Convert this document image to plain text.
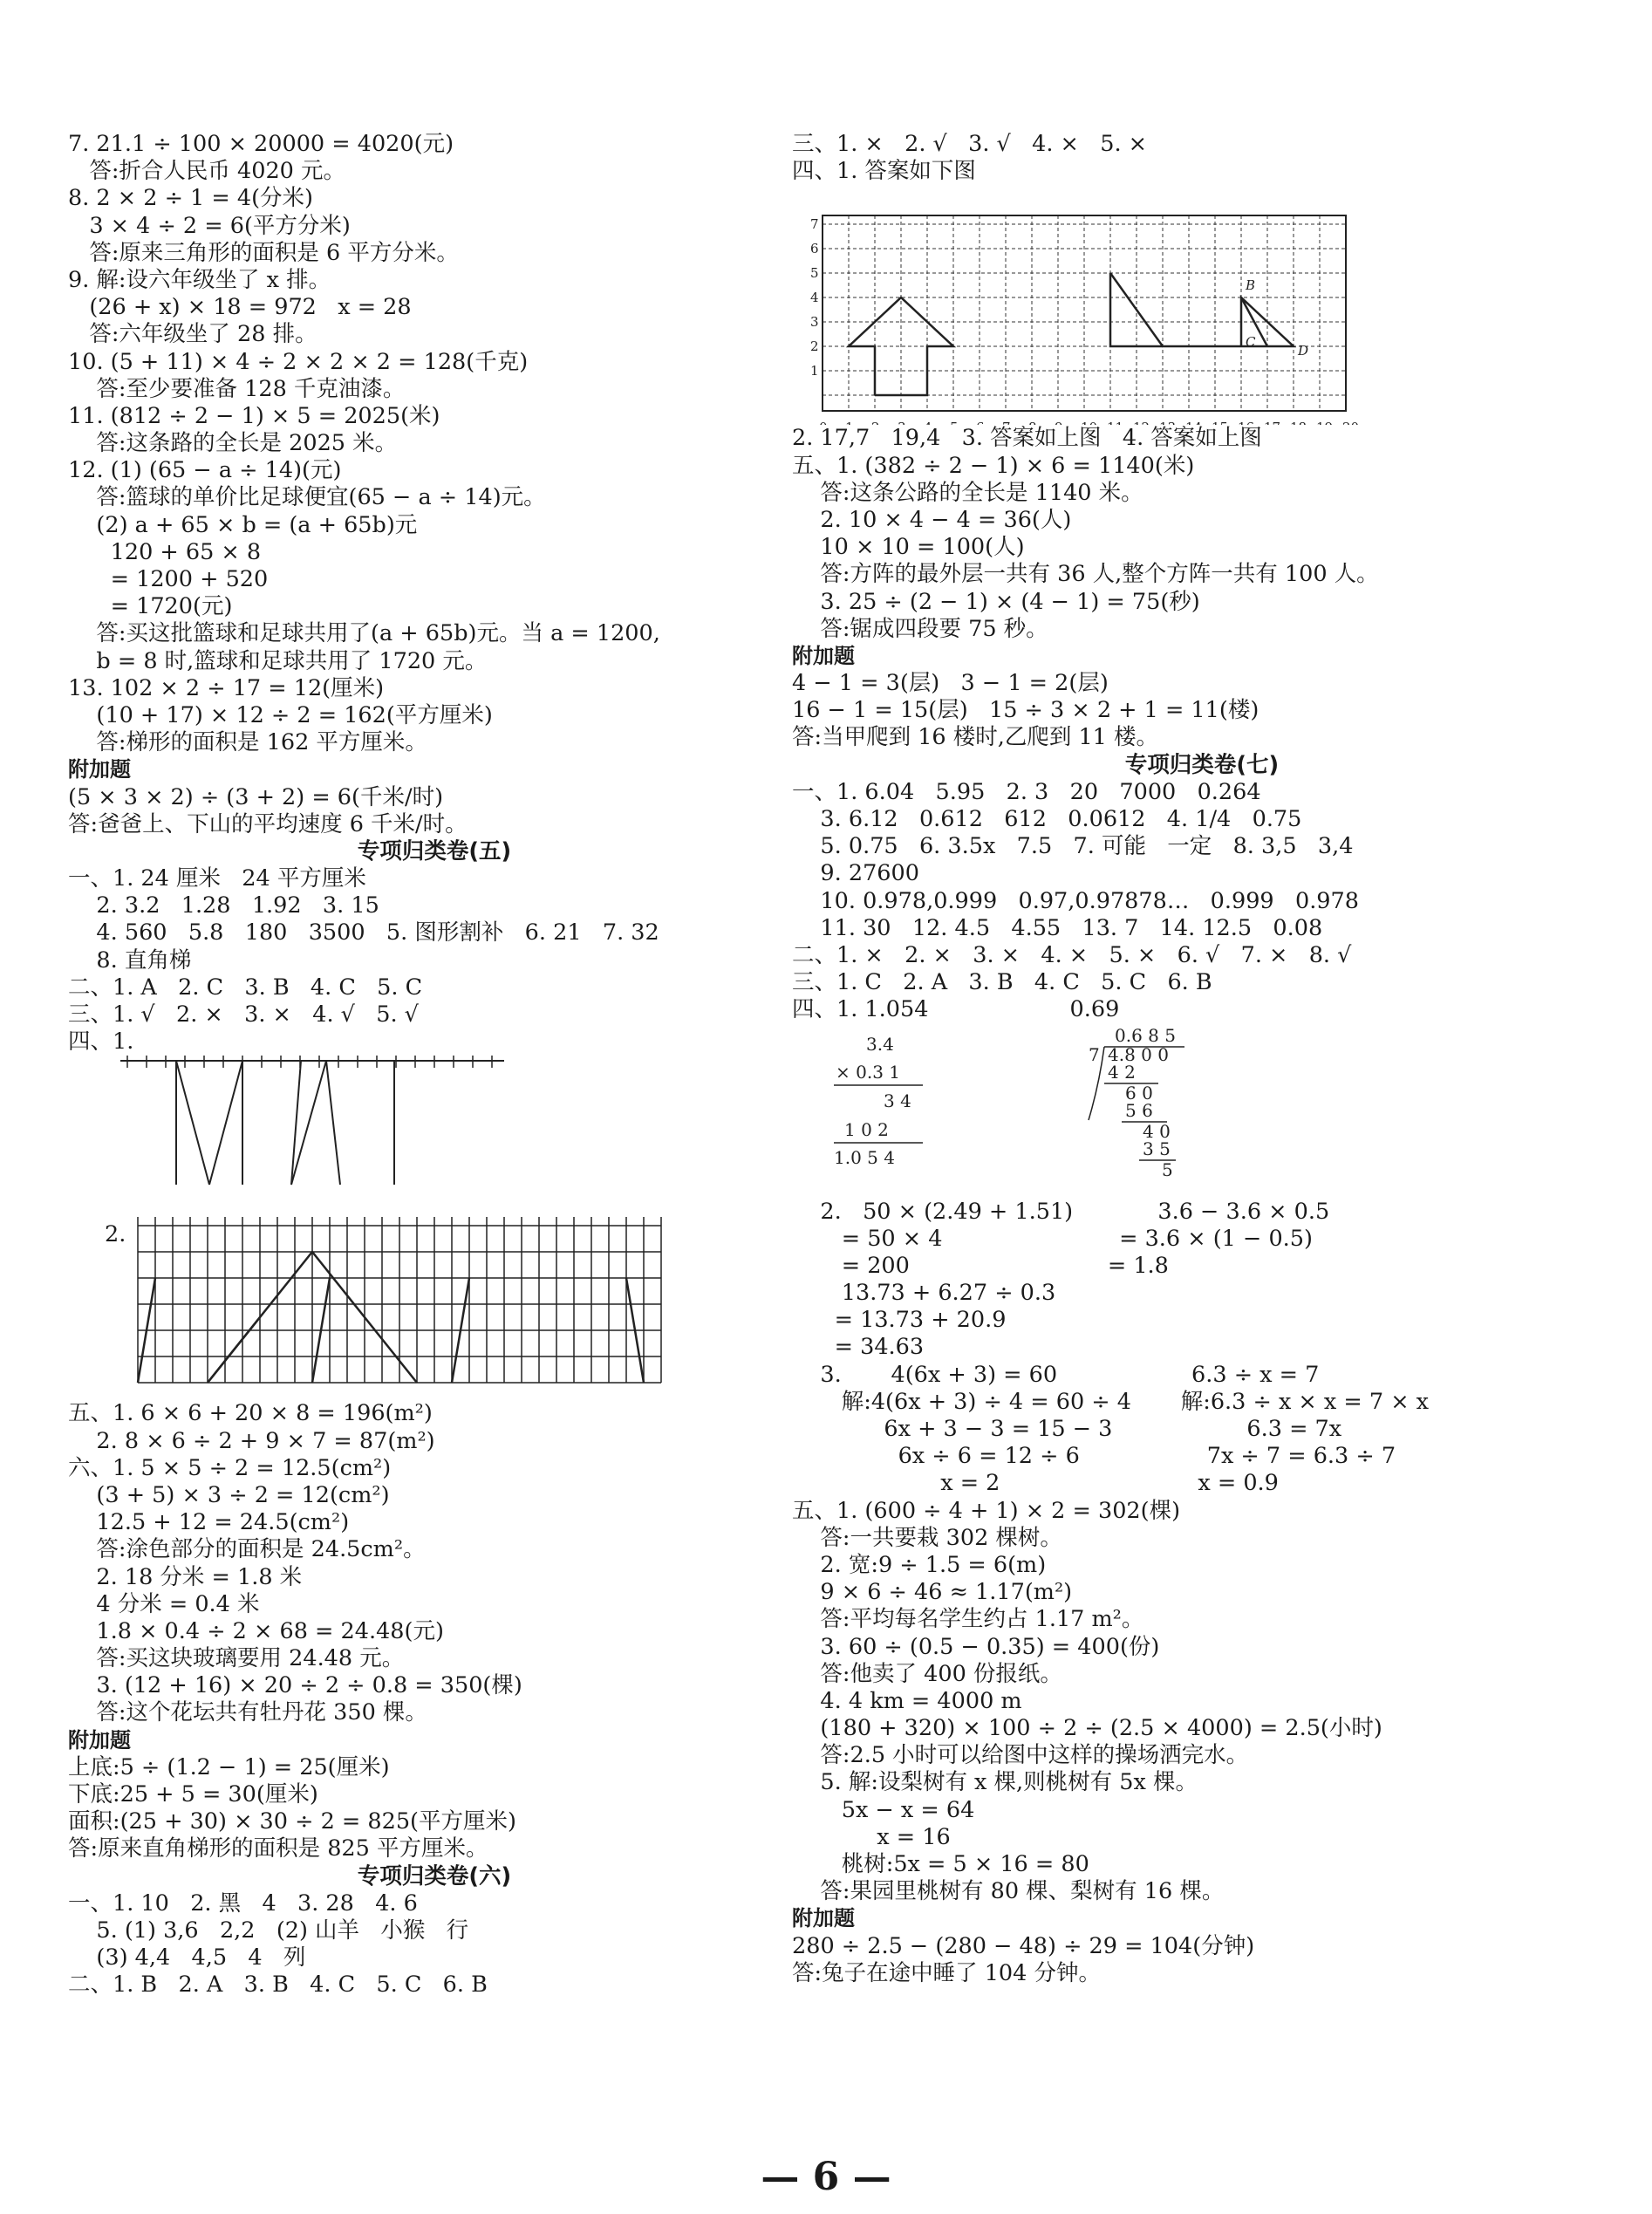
7. 21.1 ÷ 100 × 20000 = 4020(元)
答:折合人民币 4020 元。
8. 2 × 2 ÷ 1 = 4(分米)
3 × 4 ÷ 2 = 6(平方分米)
答:原来三角形的面积是 6 平方分米。
9. 解:设六年级坐了 x 排。
(26 + x) × 18 = 972   x = 28
答:六年级坐了 28 排。
10. (5 + 11) × 4 ÷ 2 × 2 × 2 = 128(千克)
答:至少要准备 128 千克油漆。
11. (812 ÷ 2 − 1) × 5 = 2025(米)
答:这条路的全长是 2025 米。
12. (1) (65 − a ÷ 14)(元)
答:篮球的单价比足球便宜(65 − a ÷ 14)元。
(2) a + 65 × b = (a + 65b)元
120 + 65 × 8
= 1200 + 520
= 1720(元)
答:买这批篮球和足球共用了(a + 65b)元。当 a = 1200,
b = 8 时,篮球和足球共用了 1720 元。
13. 102 × 2 ÷ 17 = 12(厘米)
(10 + 17) × 12 ÷ 2 = 162(平方厘米)
答:梯形的面积是 162 平方厘米。
附加题
(5 × 3 × 2) ÷ (3 + 2) = 6(千米/时)
答:爸爸上、下山的平均速度 6 千米/时。
专项归类卷(五)
一、1. 24 厘米   24 平方厘米
2. 3.2   1.28   1.92   3. 15
4. 560   5.8   180   3500   5. 图形割补   6. 21   7. 32
8. 直角梯
二、1. A   2. C   3. B   4. C   5. C
三、1. √   2. ×   3. ×   4. √   5. √
四、1.
2.
五、1. 6 × 6 + 20 × 8 = 196(m²)
2. 8 × 6 ÷ 2 + 9 × 7 = 87(m²)
六、1. 5 × 5 ÷ 2 = 12.5(cm²)
(3 + 5) × 3 ÷ 2 = 12(cm²)
12.5 + 12 = 24.5(cm²)
答:涂色部分的面积是 24.5cm²。
2. 18 分米 = 1.8 米
4 分米 = 0.4 米
1.8 × 0.4 ÷ 2 × 68 = 24.48(元)
答:买这块玻璃要用 24.48 元。
3. (12 + 16) × 20 ÷ 2 ÷ 0.8 = 350(棵)
答:这个花坛共有牡丹花 350 棵。
附加题
上底:5 ÷ (1.2 − 1) = 25(厘米)
下底:25 + 5 = 30(厘米)
面积:(25 + 30) × 30 ÷ 2 = 825(平方厘米)
答:原来直角梯形的面积是 825 平方厘米。
专项归类卷(六)
一、1. 10   2. 黑   4   3. 28   4. 6
5. (1) 3,6   2,2   (2) 山羊   小猴   行
(3) 4,4   4,5   4   列
二、1. B   2. A   3. B   4. C   5. C   6. B
三、1. ×   2. √   3. √   4. ×   5. ×
四、1. 答案如下图
1
2
3
4
5
6
7
B
C
D
2. 17,7   19,4   3. 答案如上图   4. 答案如上图
五、1. (382 ÷ 2 − 1) × 6 = 1140(米)
答:这条公路的全长是 1140 米。
2. 10 × 4 − 4 = 36(人)
10 × 10 = 100(人)
答:方阵的最外层一共有 36 人,整个方阵一共有 100 人。
3. 25 ÷ (2 − 1) × (4 − 1) = 75(秒)
答:锯成四段要 75 秒。
附加题
4 − 1 = 3(层)   3 − 1 = 2(层)
16 − 1 = 15(层)   15 ÷ 3 × 2 + 1 = 11(楼)
答:当甲爬到 16 楼时,乙爬到 11 楼。
专项归类卷(七)
一、1. 6.04   5.95   2. 3   20   7000   0.264
3. 6.12   0.612   612   0.0612   4. 1/4   0.75
5. 0.75   6. 3.5x   7.5   7. 可能   一定   8. 3,5   3,4
9. 27600
10. 0.978,0.999   0.97,0.97878…   0.999   0.978
11. 30   12. 4.5   4.55   13. 7   14. 12.5   0.08
二、1. ×   2. ×   3. ×   4. ×   5. ×   6. √   7. ×   8. √
三、1. C   2. A   3. B   4. C   5. C   6. B
四、1. 1.054                    0.69
3.4
× 0.3 1
3 4
1 0 2
1.0 5 4
0.6 8 5
7 4.8 0 0
4 2
6 0
5 6
4 0
3 5
5
2.   50 × (2.49 + 1.51)            3.6 − 3.6 × 0.5
= 50 × 4                         = 3.6 × (1 − 0.5)
= 200                            = 1.8
13.73 + 6.27 ÷ 0.3
= 13.73 + 20.9
= 34.63
3.       4(6x + 3) = 60                   6.3 ÷ x = 7
解:4(6x + 3) ÷ 4 = 60 ÷ 4       解:6.3 ÷ x × x = 7 × x
6x + 3 − 3 = 15 − 3                   6.3 = 7x
6x ÷ 6 = 12 ÷ 6                  7x ÷ 7 = 6.3 ÷ 7
x = 2                            x = 0.9
五、1. (600 ÷ 4 + 1) × 2 = 302(棵)
答:一共要栽 302 棵树。
2. 宽:9 ÷ 1.5 = 6(m)
9 × 6 ÷ 46 ≈ 1.17(m²)
答:平均每名学生约占 1.17 m²。
3. 60 ÷ (0.5 − 0.35) = 400(份)
答:他卖了 400 份报纸。
4. 4 km = 4000 m
(180 + 320) × 100 ÷ 2 ÷ (2.5 × 4000) = 2.5(小时)
答:2.5 小时可以给图中这样的操场洒完水。
5. 解:设梨树有 x 棵,则桃树有 5x 棵。
5x − x = 64
x = 16
桃树:5x = 5 × 16 = 80
答:果园里桃树有 80 棵、梨树有 16 棵。
附加题
280 ÷ 2.5 − (280 − 48) ÷ 29 = 104(分钟)
答:兔子在途中睡了 104 分钟。
— 6 —
